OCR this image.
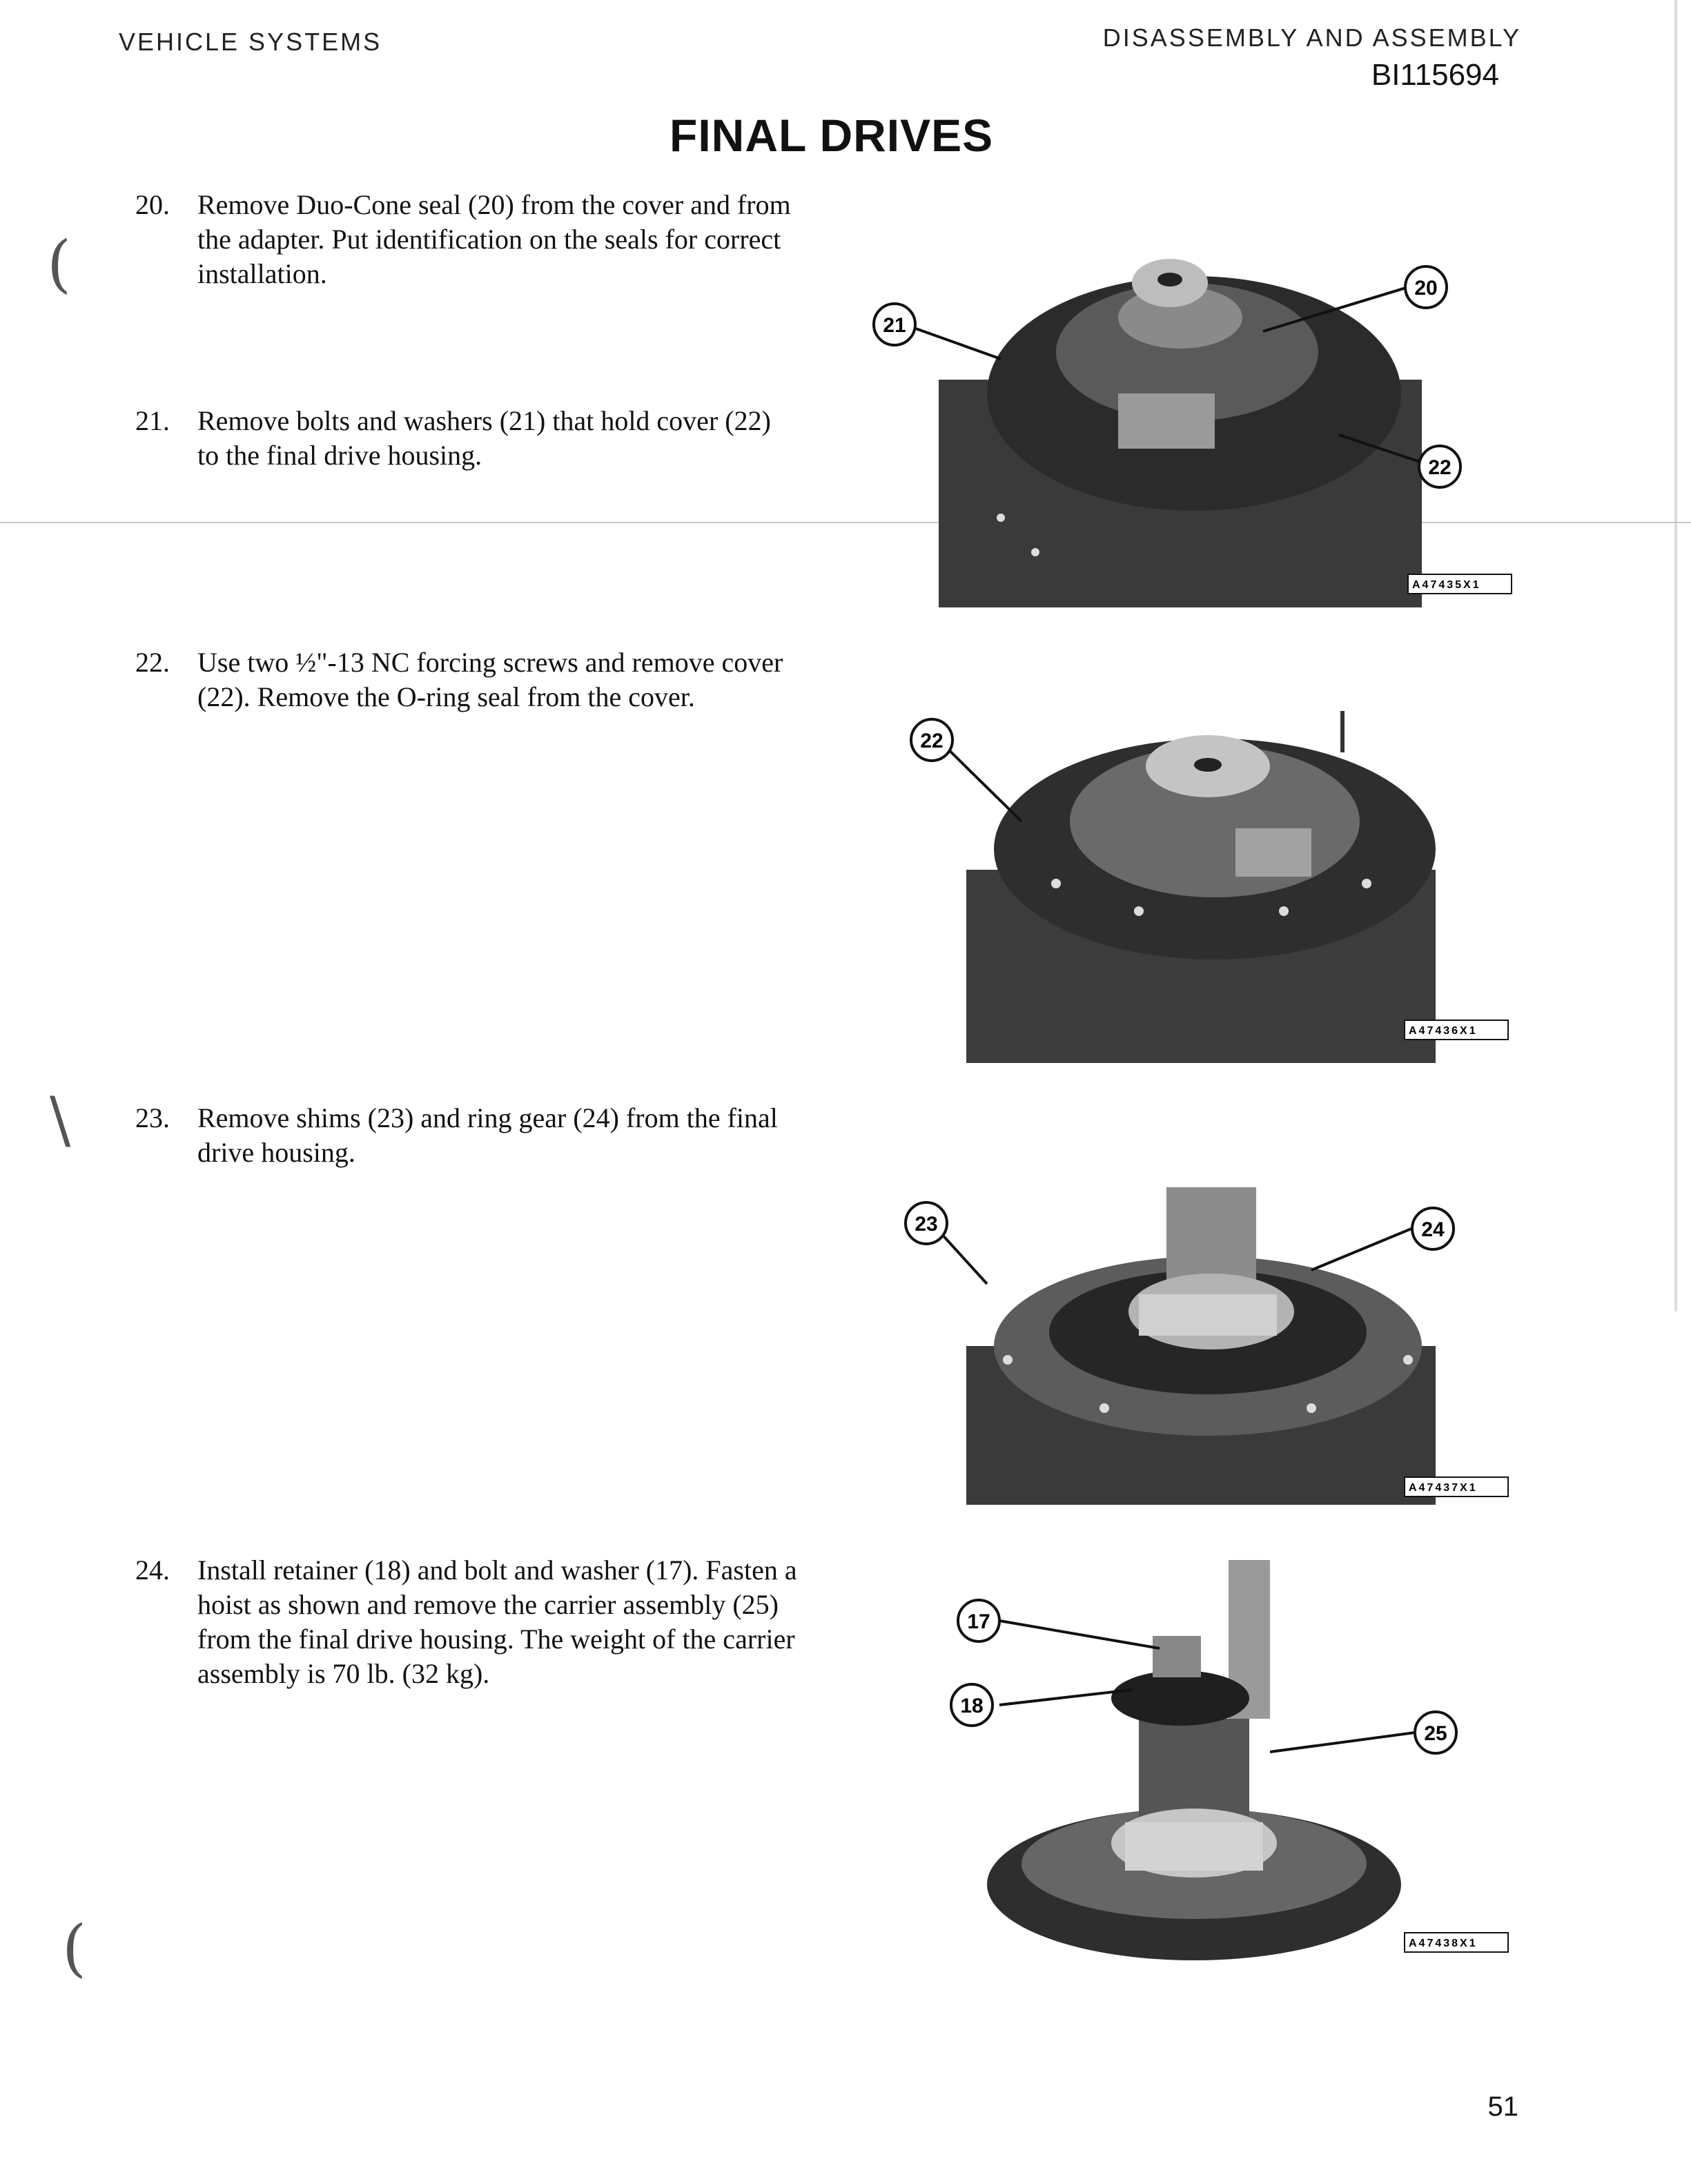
VEHICLE SYSTEMS	DISASSEMBLY AND ASSEMBLY
BI115694
FINAL DRIVES
(
\
(
20. Remove Duo-Cone seal (20) from the cover and from the adapter. Put identification on the seals for correct installation.
21. Remove bolts and washers (21) that hold cover (22) to the final drive housing.
22. Use two ½"-13 NC forcing screws and remove cover (22). Remove the O-ring seal from the cover.
23. Remove shims (23) and ring gear (24) from the final drive housing.
24. Install retainer (18) and bolt and washer (17). Fasten a hoist as shown and remove the carrier assembly (25) from the final drive housing. The weight of the carrier assembly is 70 lb. (32 kg).
21
20
22
A47435X1
22
A47436X1
23	24
A47437X1
17
18
25
A47438X1
51
